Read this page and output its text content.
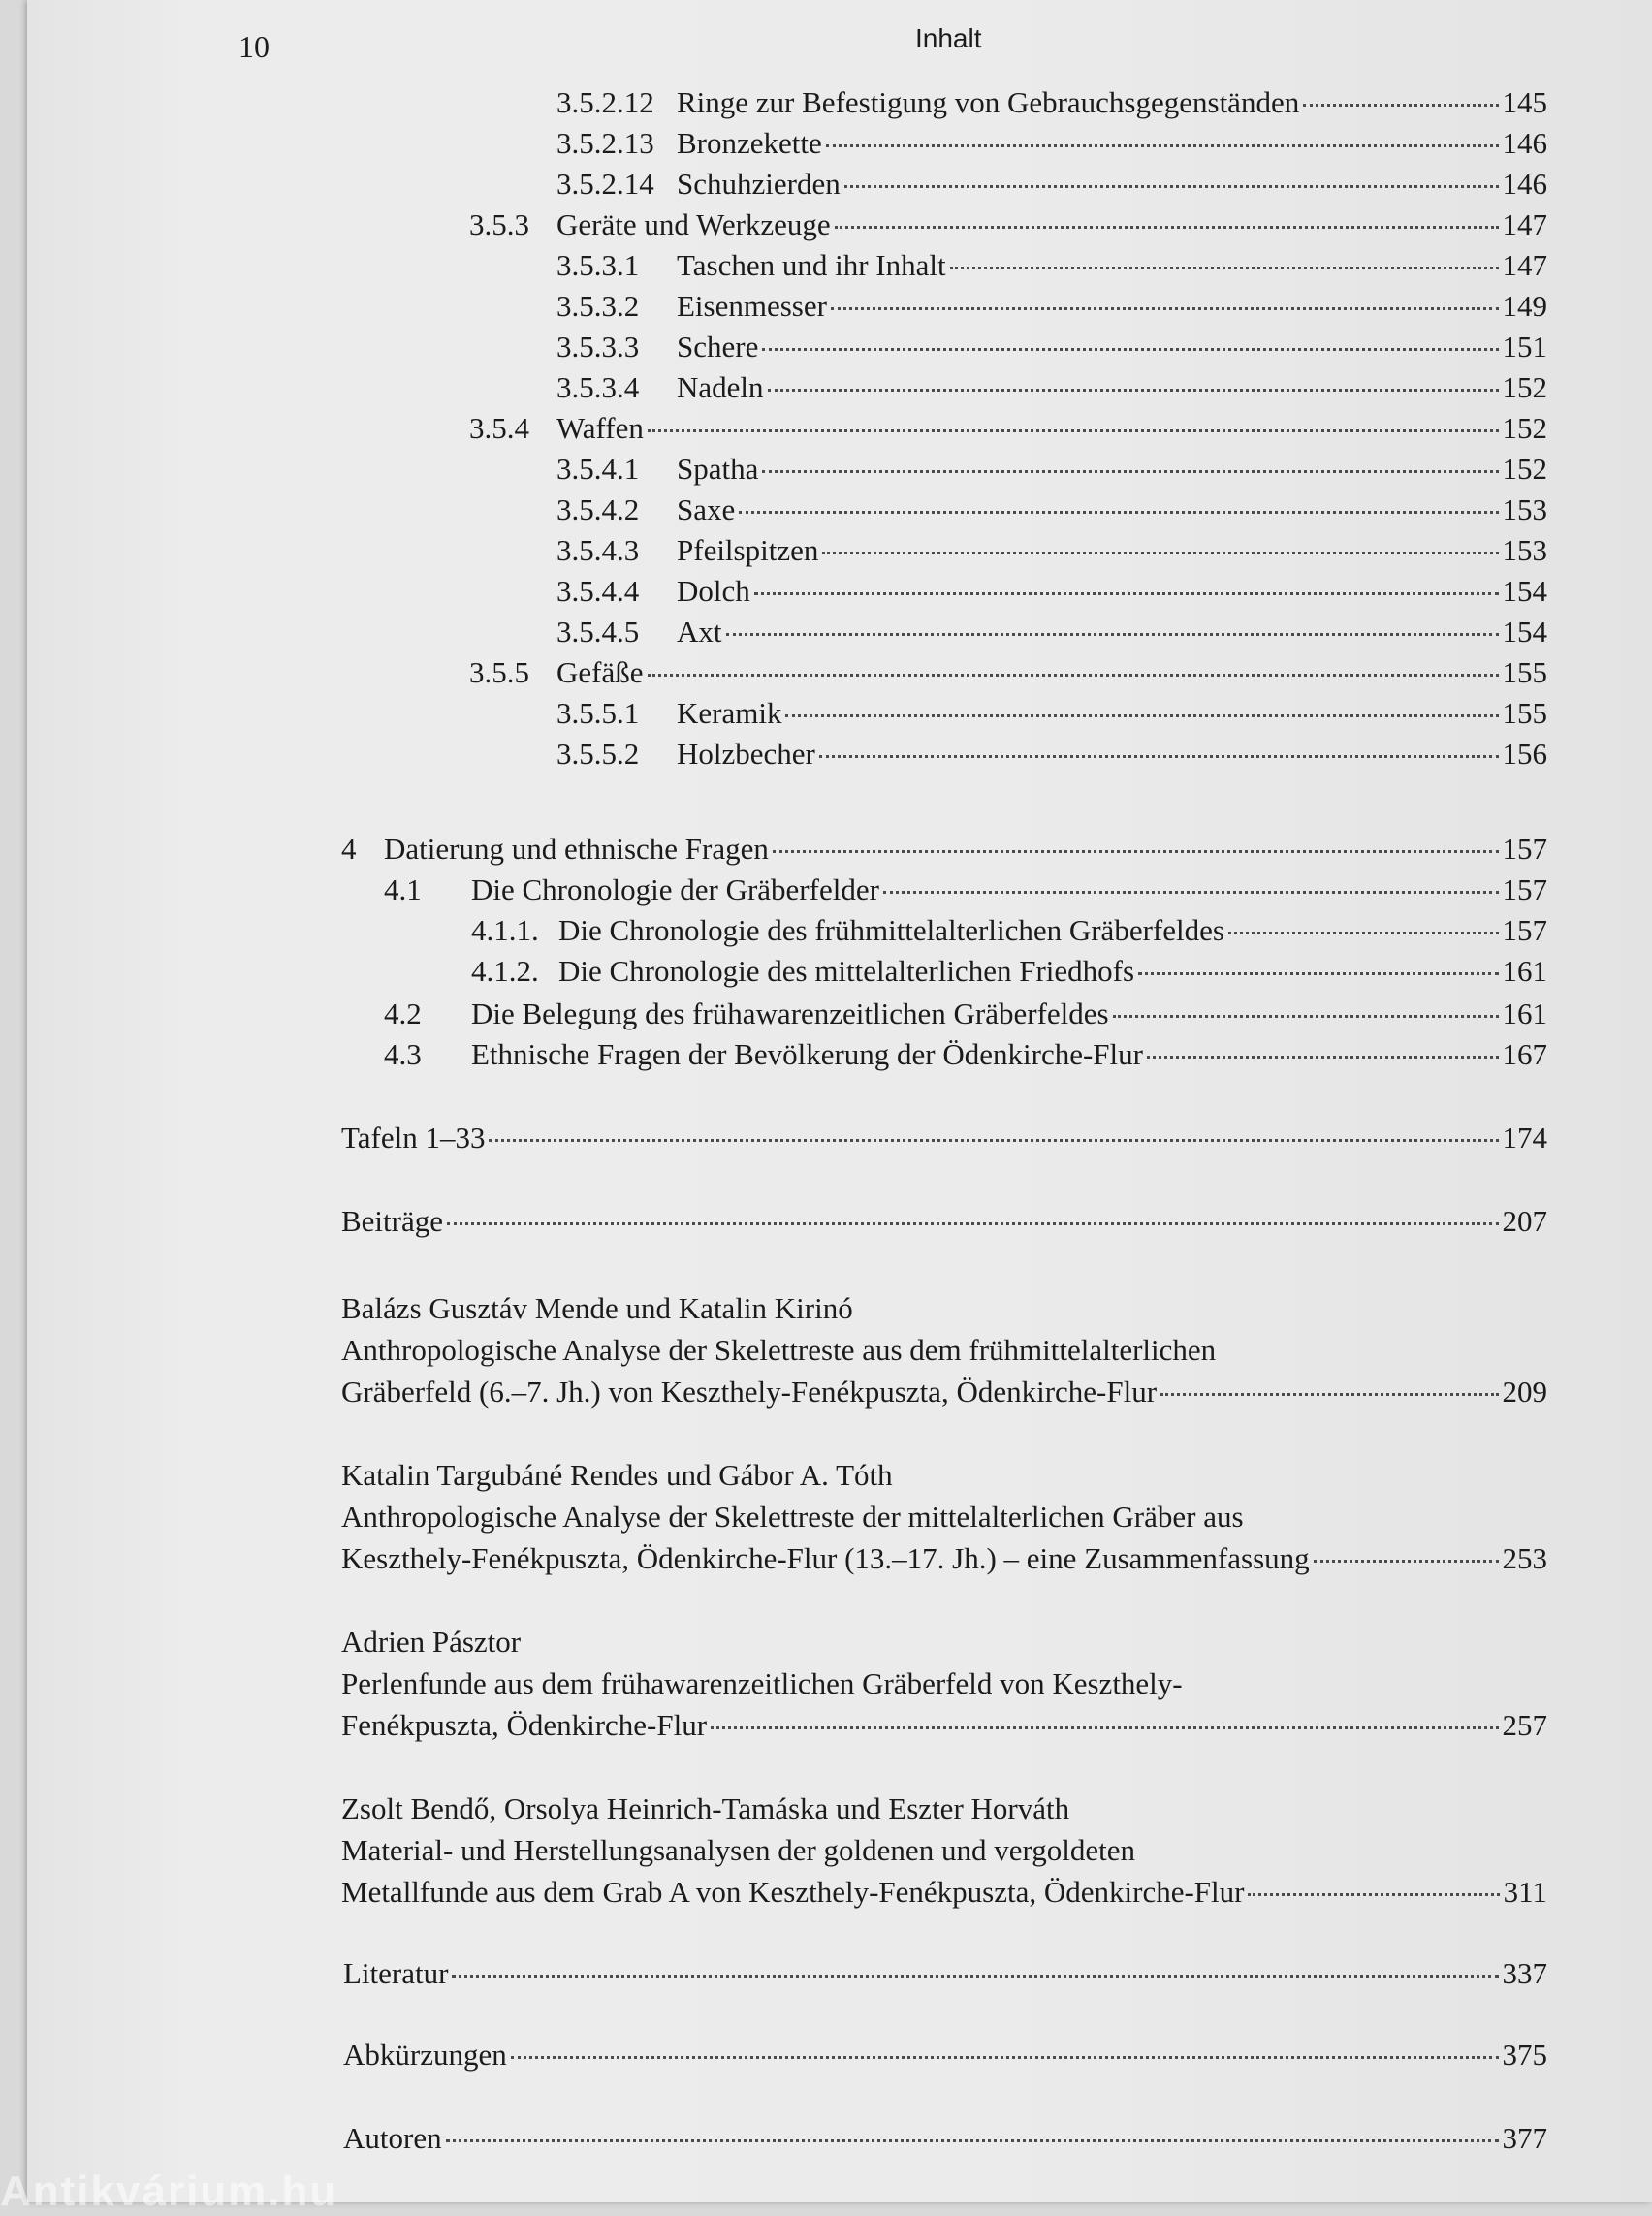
10	Inhalt
3.5.2.12 Ringe zur Befestigung von Gebrauchsgegenständen	145
3.5.2.13 Bronzekette	146
3.5.2.14 Schuhzierden	146
3.5.3 Geräte und Werkzeuge	147
3.5.3.1	Taschen und ihr Inhalt	147
3.5.3.2	Eisenmesser	149
3.5.3.3	Schere	151
3.5.3.4	Nadeln	152
3.5.4 Waffen	152
3.5.4.1	Spatha	152
3.5.4.2	Saxe	153
3.5.4.3	Pfeilspitzen	153
3.5.4.4	Dolch	154
3.5.4.5	Axt	154
3.5.5 Gefäße	155
3.5.5.1	Keramik	155
3.5.5.2	Holzbecher	156
4 Datierung und ethnische Fragen	157
4.1	Die Chronologie der Gräberfelder	157
4.1.1. Die Chronologie des frühmittelalterlichen Gräberfeldes	157
4.1.2. Die Chronologie des mittelalterlichen Friedhofs	161
4.2	Die Belegung des frühawarenzeitlichen Gräberfeldes	161
4.3	Ethnische Fragen der Bevölkerung der Ödenkirche-Flur	167
Tafeln 1–33	174
Beiträge	207
Balázs Gusztáv Mende und Katalin Kirinó
Anthropologische Analyse der Skelettreste aus dem frühmittelalterlichen
Gräberfeld (6.–7. Jh.) von Keszthely-Fenékpuszta, Ödenkirche-Flur	209
Katalin Targubáné Rendes und Gábor A. Tóth
Anthropologische Analyse der Skelettreste der mittelalterlichen Gräber aus
Keszthely-Fenékpuszta, Ödenkirche-Flur (13.–17. Jh.) – eine Zusammenfassung	253
Adrien Pásztor
Perlenfunde aus dem frühawarenzeitlichen Gräberfeld von Keszthely-
Fenékpuszta, Ödenkirche-Flur	257
Zsolt Bendő, Orsolya Heinrich-Tamáska und Eszter Horváth
Material- und Herstellungsanalysen der goldenen und vergoldeten
Metallfunde aus dem Grab A von Keszthely-Fenékpuszta, Ödenkirche-Flur	311
Literatur	337
Abkürzungen	375
Autoren	377
Antikvárium.hu
